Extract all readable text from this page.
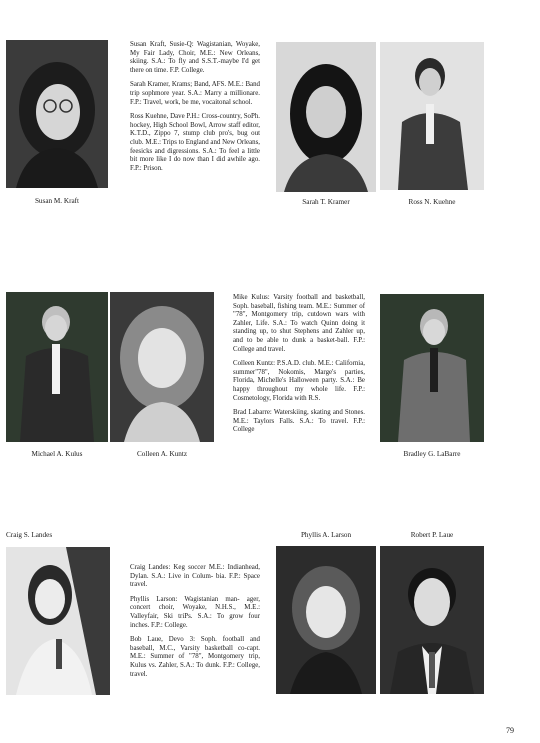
Susan M. Kraft

Susan Kraft, Susie-Q: Wagistanian, Woyake, My Fair Lady, Choir, M.E.: New Orleans, skiing. S.A.: To fly and S.S.T.-maybe I'd get there on time. F.P. College.

Sarah Kramer, Krams; Band, AFS. M.E.: Band trip sophmore year. S.A.: Marry a millionare. F.P.: Travel, work, be me, vocaitonal school.

Ross Kuehne, Dave P.H.: Cross-country, SoPh. hockey, High School Bowl, Arrow staff editor, K.T.D., Zippo 7, stump club pro's, bug out club. M.E.: Trips to England and New Orleans, feesicks and digressions. S.A.: To feel a little bit more like I do now than I did awhile ago. F.P.: Prison.

Sarah T. Kramer	Ross N. Kuehne
Michael A. Kulus	Colleen A. Kuntz

Mike Kulus: Varsity football and basketball, Soph. baseball, fishing team. M.E.: Summer of "78", Montgomery trip, cutdown wars with Zahler, Life. S.A.: To watch Quinn doing it standing up, to shut Stephens and Zahler up, and to be able to dunk a basket-ball. F.P.: College and travel.

Colleen Kuntz: P.S.A.D. club. M.E.: California, summer"78", Nokomis, Marge's parties, Florida, Michelle's Halloween party. S.A.: Be happy throughout my whole life. F.P.: Cosmetology, Florida with R.S.

Brad Labarre: Waterskiing, skating and Stones. M.E.: Taylors Falls. S.A.: To travel. F.P.: College

Bradley G. LaBarre
Craig S. Landes	Phyllis A. Larson	Robert P. Laue

Craig Landes: Keg soccer M.E.: Indianhead, Dylan. S.A.: Live in Colum- bia. F.P.: Space travel.

Phyllis Larson: Wagistanian man- ager, concert choir, Woyake, N.H.S., M.E.: Valleyfair, Ski triPs. S.A.: To grow four inches. F.P.: College.

Bob Laue, Devo 3: Soph. football and baseball, M.C., Varsity basketball co-capt. M.E.: Summer of "78", Montgomery trip, Kulus vs. Zahler, S.A.: To dunk. F.P.: College, travel.

79
